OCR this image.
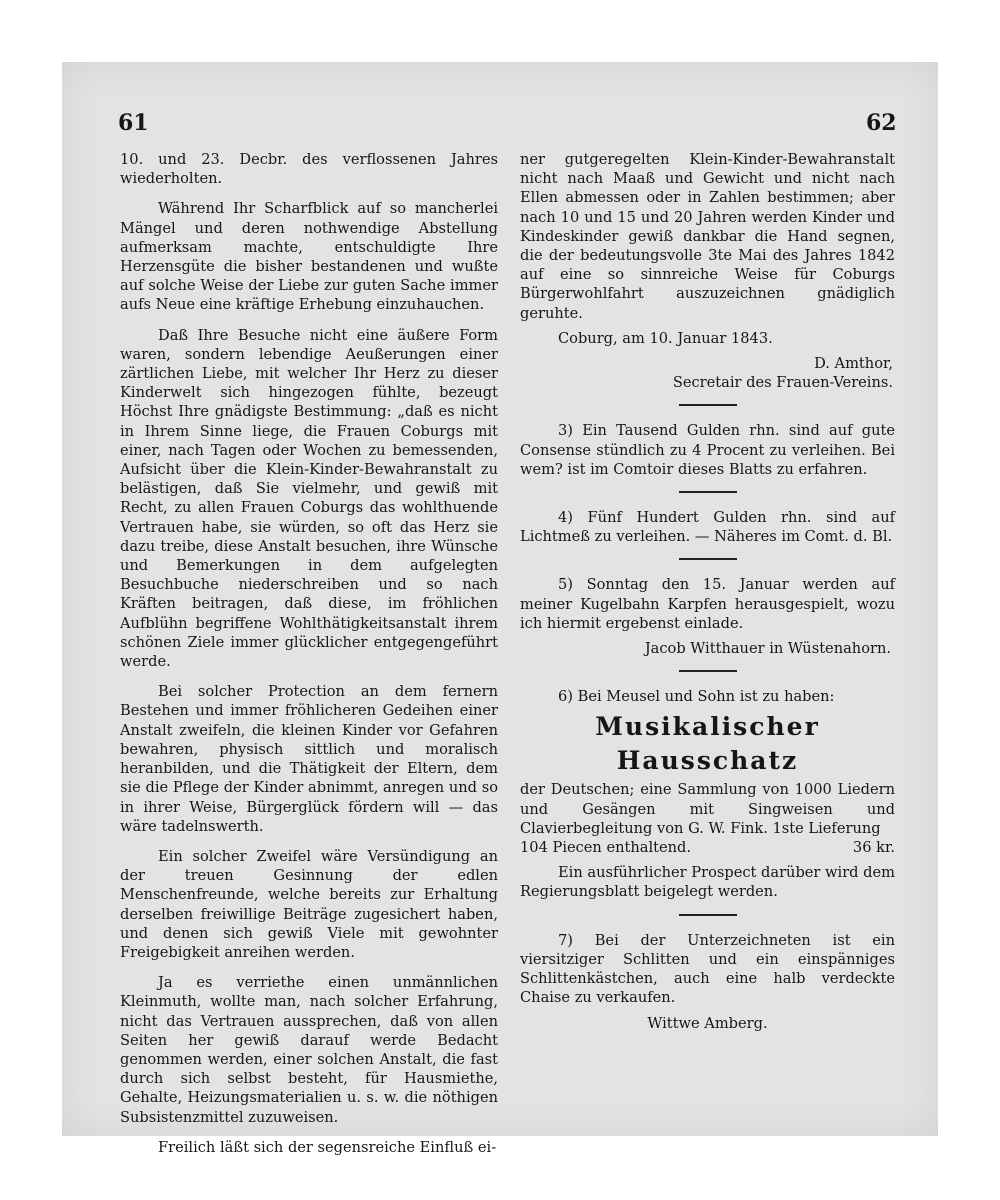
61	62

10. und 23. Decbr. des verflossenen Jahres wiederholten.

Während Ihr Scharfblick auf so mancherlei Mängel und deren nothwendige Abstellung aufmerksam machte, entschuldigte Ihre Herzensgüte die bisher bestandenen und wußte auf solche Weise der Liebe zur guten Sache immer aufs Neue eine kräftige Erhebung einzuhauchen.

Daß Ihre Besuche nicht eine äußere Form waren, sondern lebendige Aeußerungen einer zärtlichen Liebe, mit welcher Ihr Herz zu dieser Kinderwelt sich hingezogen fühlte, bezeugt Höchst Ihre gnädigste Bestimmung: „daß es nicht in Ihrem Sinne liege, die Frauen Coburgs mit einer, nach Tagen oder Wochen zu bemessenden, Aufsicht über die Klein-Kinder-Bewahranstalt zu belästigen, daß Sie vielmehr, und gewiß mit Recht, zu allen Frauen Coburgs das wohlthuende Vertrauen habe, sie würden, so oft das Herz sie dazu treibe, diese Anstalt besuchen, ihre Wünsche und Bemerkungen in dem aufgelegten Besuchbuche niederschreiben und so nach Kräften beitragen, daß diese, im fröhlichen Aufblühn begriffene Wohlthätigkeitsanstalt ihrem schönen Ziele immer glücklicher entgegengeführt werde.

Bei solcher Protection an dem fernern Bestehen und immer fröhlicheren Gedeihen einer Anstalt zweifeln, die kleinen Kinder vor Gefahren bewahren, physisch sittlich und moralisch heranbilden, und die Thätigkeit der Eltern, dem sie die Pflege der Kinder abnimmt, anregen und so in ihrer Weise, Bürgerglück fördern will — das wäre tadelnswerth.

Ein solcher Zweifel wäre Versündigung an der treuen Gesinnung der edlen Menschenfreunde, welche bereits zur Erhaltung derselben freiwillige Beiträge zugesichert haben, und denen sich gewiß Viele mit gewohnter Freigebigkeit anreihen werden.

Ja es verriethe einen unmännlichen Kleinmuth, wollte man, nach solcher Erfahrung, nicht das Vertrauen aussprechen, daß von allen Seiten her gewiß darauf werde Bedacht genommen werden, einer solchen Anstalt, die fast durch sich selbst besteht, für Hausmiethe, Gehalte, Heizungsmaterialien u. s. w. die nöthigen Subsistenzmittel zuzuweisen.

Freilich läßt sich der segensreiche Einfluß ei-

ner gutgeregelten Klein-Kinder-Bewahranstalt nicht nach Maaß und Gewicht und nicht nach Ellen abmessen oder in Zahlen bestimmen; aber nach 10 und 15 und 20 Jahren werden Kinder und Kindeskinder gewiß dankbar die Hand segnen, die der bedeutungsvolle 3te Mai des Jahres 1842 auf eine so sinnreiche Weise für Coburgs Bürgerwohlfahrt auszuzeichnen gnädiglich geruhte.

Coburg, am 10. Januar 1843.

D. Amthor,

Secretair des Frauen-Vereins.

3) Ein Tausend Gulden rhn. sind auf gute Consense stündlich zu 4 Procent zu verleihen. Bei wem? ist im Comtoir dieses Blatts zu erfahren.

4) Fünf Hundert Gulden rhn. sind auf Lichtmeß zu verleihen. — Näheres im Comt. d. Bl.

5) Sonntag den 15. Januar werden auf meiner Kugelbahn Karpfen herausgespielt, wozu ich hiermit ergebenst einlade.

Jacob Witthauer in Wüstenahorn.

6) Bei Meusel und Sohn ist zu haben:

Musikalischer Hausschatz

der Deutschen; eine Sammlung von 1000 Liedern und Gesängen mit Singweisen und Clavierbegleitung von G. W. Fink. 1ste Lieferung

104 Piecen enthaltend.	36 kr.

Ein ausführlicher Prospect darüber wird dem Regierungsblatt beigelegt werden.

7) Bei der Unterzeichneten ist ein viersitziger Schlitten und ein einspänniges Schlittenkästchen, auch eine halb verdeckte Chaise zu verkaufen.

Wittwe Amberg.
